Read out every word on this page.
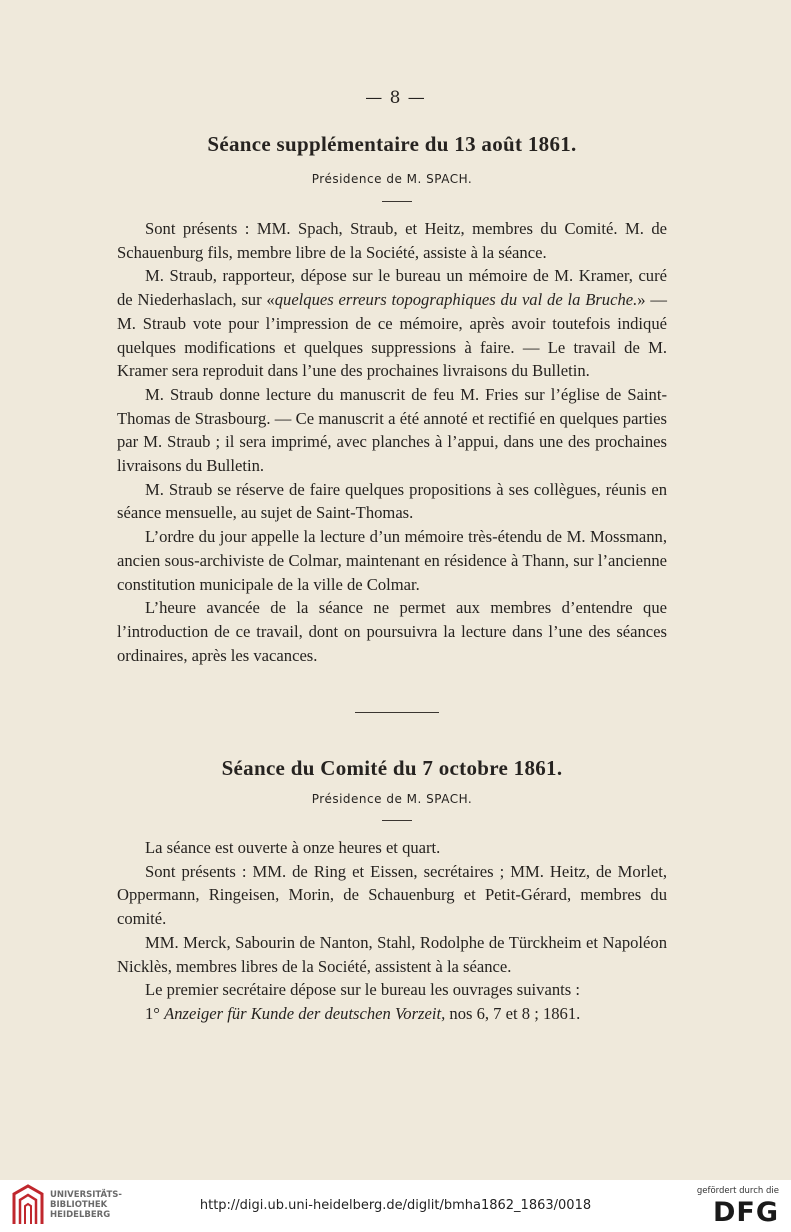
— 8 —
Séance supplémentaire du 13 août 1861.
Présidence de M. SPACH.

Sont présents : MM. Spach, Straub, et Heitz, membres du Comité. M. de Schauenburg fils, membre libre de la Société, assiste à la séance.

M. Straub, rapporteur, dépose sur le bureau un mémoire de M. Kramer, curé de Niederhaslach, sur «quelques erreurs topographiques du val de la Bruche.» — M. Straub vote pour l’impression de ce mémoire, après avoir toutefois indiqué quelques modifications et quelques suppressions à faire. — Le travail de M. Kramer sera reproduit dans l’une des prochaines livraisons du Bulletin.

M. Straub donne lecture du manuscrit de feu M. Fries sur l’église de Saint-Thomas de Strasbourg. — Ce manuscrit a été annoté et rectifié en quelques parties par M. Straub ; il sera imprimé, avec planches à l’appui, dans une des prochaines livraisons du Bulletin.

M. Straub se réserve de faire quelques propositions à ses collègues, réunis en séance mensuelle, au sujet de Saint-Thomas.

L’ordre du jour appelle la lecture d’un mémoire très-étendu de M. Mossmann, ancien sous-archiviste de Colmar, maintenant en résidence à Thann, sur l’ancienne constitution municipale de la ville de Colmar.

L’heure avancée de la séance ne permet aux membres d’entendre que l’introduction de ce travail, dont on poursuivra la lecture dans l’une des séances ordinaires, après les vacances.

Séance du Comité du 7 octobre 1861.
Présidence de M. SPACH.

La séance est ouverte à onze heures et quart.

Sont présents : MM. de Ring et Eissen, secrétaires ; MM. Heitz, de Morlet, Oppermann, Ringeisen, Morin, de Schauenburg et Petit-Gérard, membres du comité.

MM. Merck, Sabourin de Nanton, Stahl, Rodolphe de Türckheim et Napoléon Nicklès, membres libres de la Société, assistent à la séance.

Le premier secrétaire dépose sur le bureau les ouvrages suivants :

1° Anzeiger für Kunde der deutschen Vorzeit, nos 6, 7 et 8 ; 1861.

UNIVERSITÄTS-
BIBLIOTHEK
HEIDELBERG
http://digi.ub.uni-heidelberg.de/diglit/bmha1862_1863/0018
gefördert durch die
DFG
